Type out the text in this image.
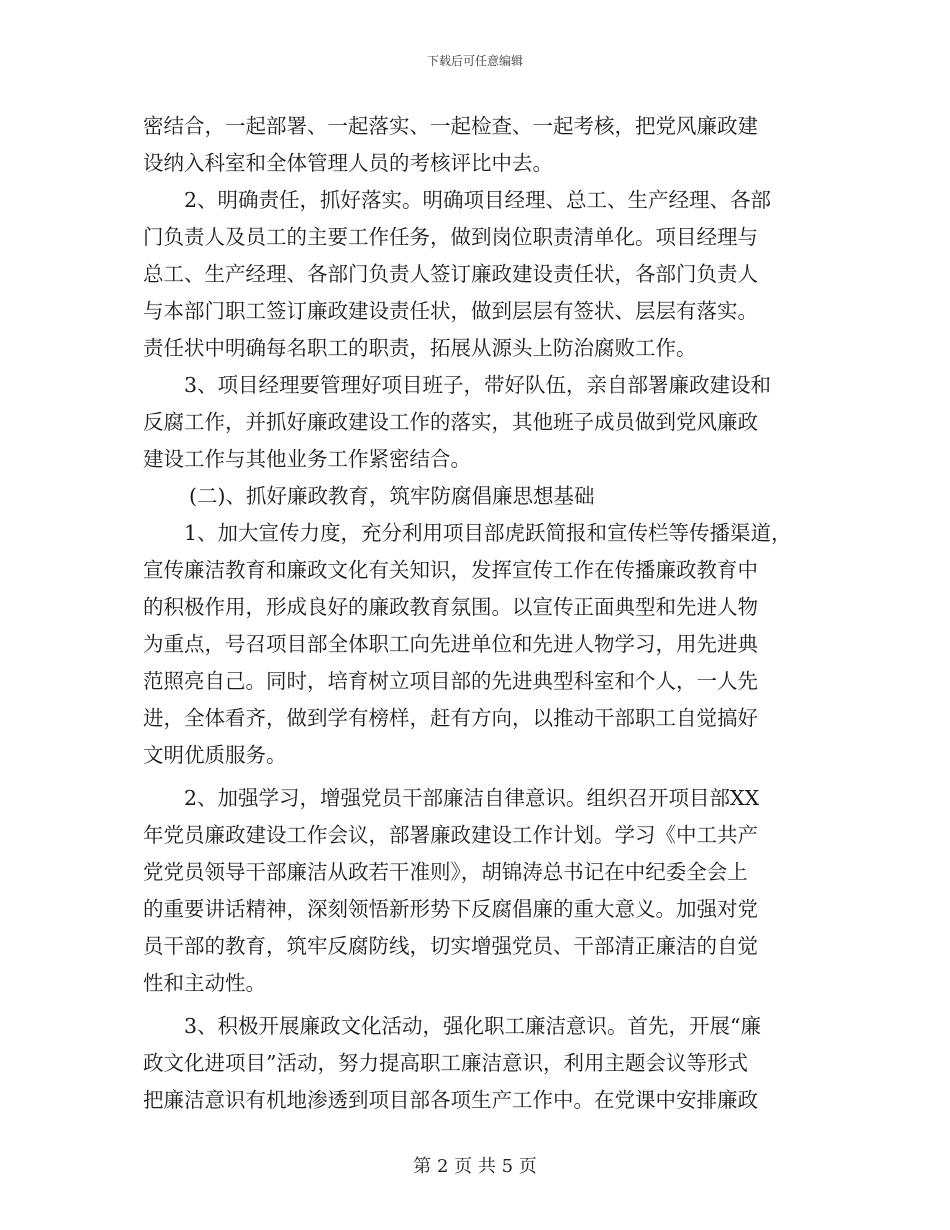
下载后可任意编辑
密结合，一起部署、一起落实、一起检查、一起考核，把党风廉政建
设纳入科室和全体管理人员的考核评比中去。
2、明确责任，抓好落实。明确项目经理、总工、生产经理、各部
门负责人及员工的主要工作任务，做到岗位职责清单化。项目经理与
总工、生产经理、各部门负责人签订廉政建设责任状，各部门负责人
与本部门职工签订廉政建设责任状，做到层层有签状、层层有落实。
责任状中明确每名职工的职责，拓展从源头上防治腐败工作。
3、项目经理要管理好项目班子，带好队伍，亲自部署廉政建设和
反腐工作，并抓好廉政建设工作的落实，其他班子成员做到党风廉政
建设工作与其他业务工作紧密结合。
(二)、抓好廉政教育，筑牢防腐倡廉思想基础
1、加大宣传力度，充分利用项目部虎跃简报和宣传栏等传播渠道，
宣传廉洁教育和廉政文化有关知识，发挥宣传工作在传播廉政教育中
的积极作用，形成良好的廉政教育氛围。以宣传正面典型和先进人物
为重点，号召项目部全体职工向先进单位和先进人物学习，用先进典
范照亮自己。同时，培育树立项目部的先进典型科室和个人，一人先
进，全体看齐，做到学有榜样，赶有方向，以推动干部职工自觉搞好
文明优质服务。
2、加强学习，增强党员干部廉洁自律意识。组织召开项目部XX
年党员廉政建设工作会议，部署廉政建设工作计划。学习《中工共产
党党员领导干部廉洁从政若干准则》，胡锦涛总书记在中纪委全会上
的重要讲话精神，深刻领悟新形势下反腐倡廉的重大意义。加强对党
员干部的教育，筑牢反腐防线，切实增强党员、干部清正廉洁的自觉
性和主动性。
3、积极开展廉政文化活动，强化职工廉洁意识。首先，开展“廉
政文化进项目”活动，努力提高职工廉洁意识，利用主题会议等形式
把廉洁意识有机地渗透到项目部各项生产工作中。在党课中安排廉政
第 2 页 共 5 页
